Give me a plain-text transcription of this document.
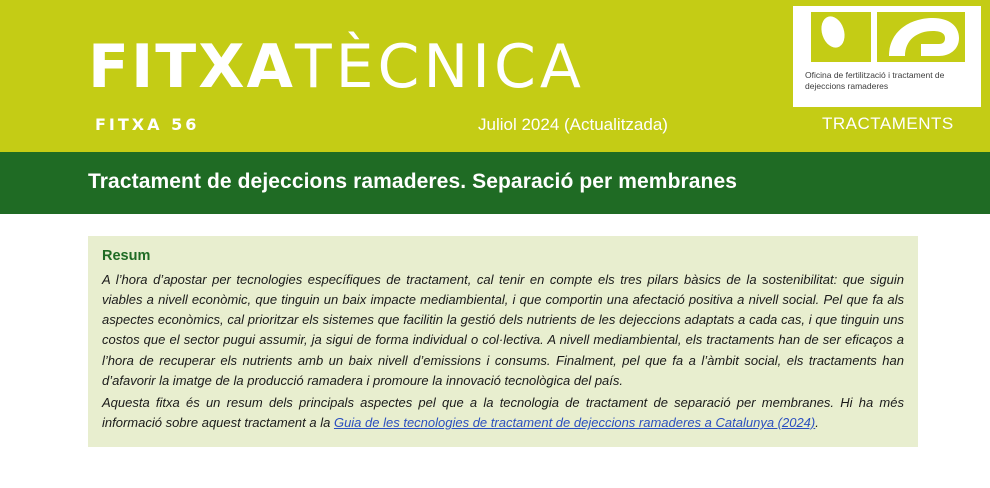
FITXA TÈCNICA
FITXA 56	Juliol 2024 (Actualitzada)	TRACTAMENTS
Oficina de fertilització i tractament de dejeccions ramaderes
Tractament de dejeccions ramaderes. Separació per membranes
Resum

A l’hora d’apostar per tecnologies específiques de tractament, cal tenir en compte els tres pilars bàsics de la sostenibilitat: que siguin viables a nivell econòmic, que tinguin un baix impacte mediambiental, i que comportin una afectació positiva a nivell social. Pel que fa als aspectes econòmics, cal prioritzar els sistemes que facilitin la gestió dels nutrients de les dejeccions adaptats a cada cas, i que tinguin uns costos que el sector pugui assumir, ja sigui de forma individual o col·lectiva. A nivell mediambiental, els tractaments han de ser eficaços a l’hora de recuperar els nutrients amb un baix nivell d’emissions i consums. Finalment, pel que fa a l’àmbit social, els tractaments han d’afavorir la imatge de la producció ramadera i promoure la innovació tecnològica del país.

Aquesta fitxa és un resum dels principals aspectes pel que a la tecnologia de tractament de separació per membranes. Hi ha més informació sobre aquest tractament a la Guia de les tecnologies de tractament de dejeccions ramaderes a Catalunya (2024).
